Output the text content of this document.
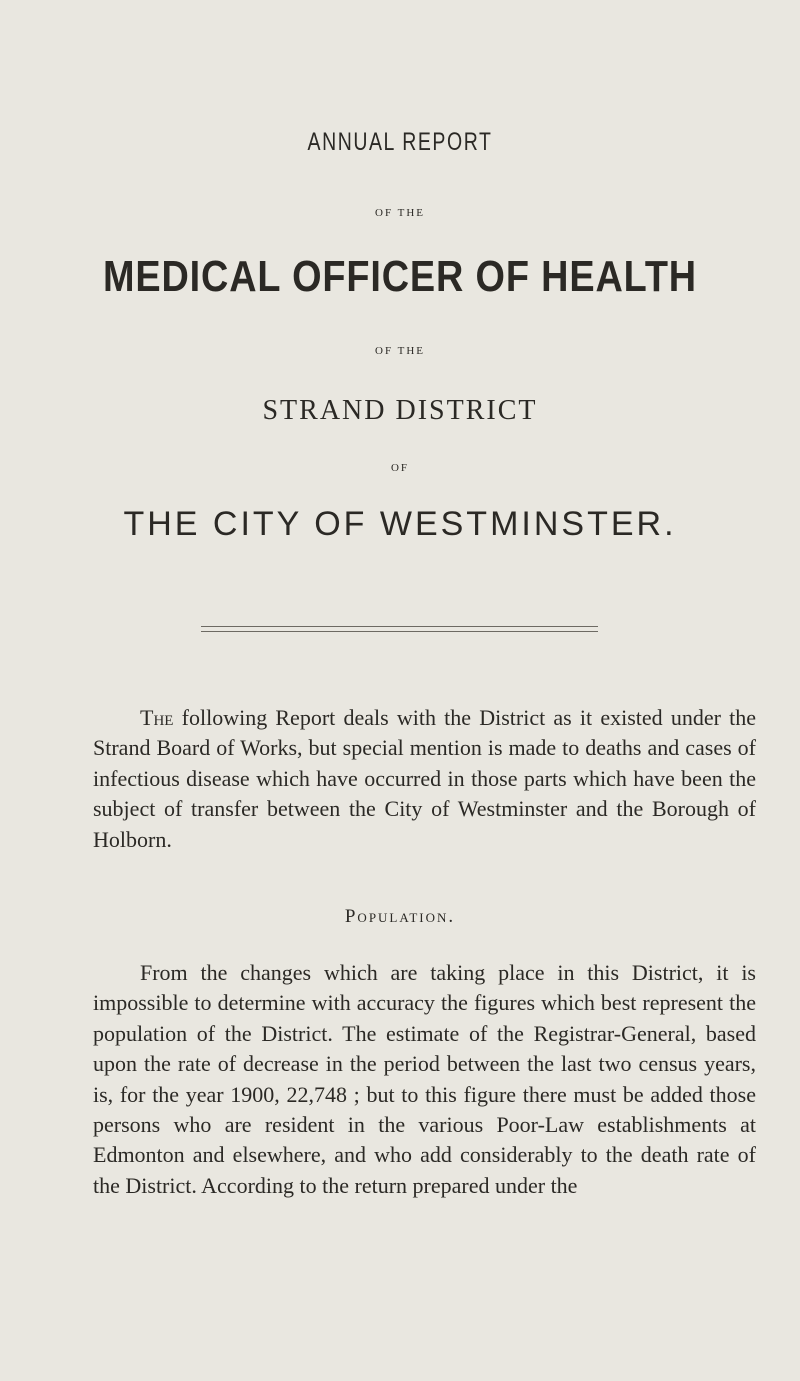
ANNUAL REPORT
OF THE
MEDICAL OFFICER OF HEALTH
OF THE
STRAND DISTRICT
OF
THE CITY OF WESTMINSTER.

The following Report deals with the District as it existed under the Strand Board of Works, but special mention is made to deaths and cases of infectious disease which have occurred in those parts which have been the subject of transfer between the City of Westminster and the Borough of Holborn.

Population.

From the changes which are taking place in this District, it is impossible to determine with accuracy the figures which best represent the population of the District. The estimate of the Registrar-General, based upon the rate of decrease in the period between the last two census years, is, for the year 1900, 22,748 ; but to this figure there must be added those persons who are resident in the various Poor-Law establishments at Edmonton and elsewhere, and who add considerably to the death rate of the District. According to the return prepared under the
